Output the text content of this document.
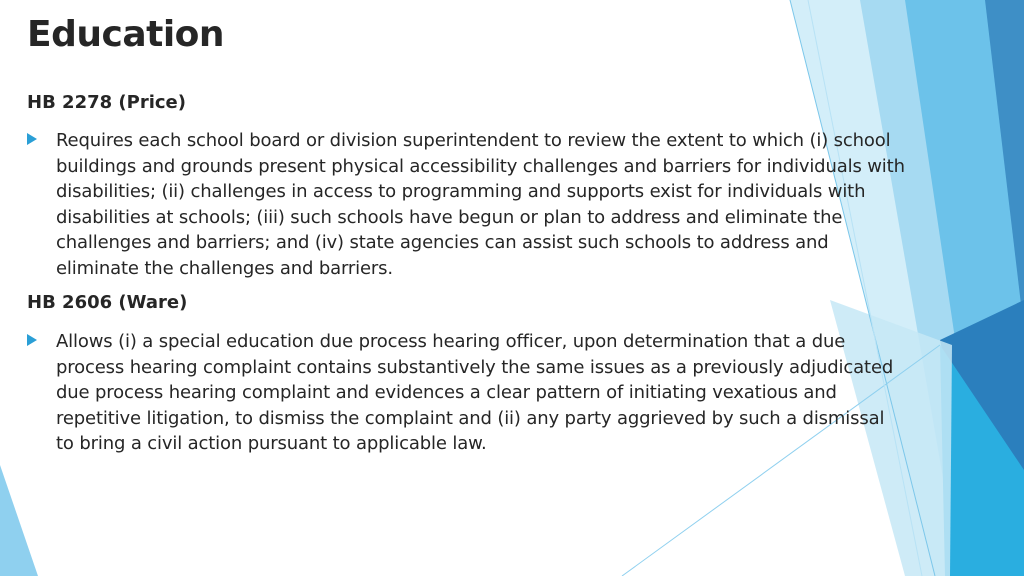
Education
HB 2278 (Price)
Requires each school board or division superintendent to review the extent to which (i) school buildings and grounds present physical accessibility challenges and barriers for individuals with disabilities; (ii) challenges in access to programming and supports exist for individuals with disabilities at schools; (iii) such schools have begun or plan to address and eliminate the challenges and barriers; and (iv) state agencies can assist such schools to address and eliminate the challenges and barriers.
HB 2606 (Ware)
Allows (i) a special education due process hearing officer, upon determination that a due process hearing complaint contains substantively the same issues as a previously adjudicated due process hearing complaint and evidences a clear pattern of initiating vexatious and repetitive litigation, to dismiss the complaint and (ii) any party aggrieved by such a dismissal to bring a civil action pursuant to applicable law.
